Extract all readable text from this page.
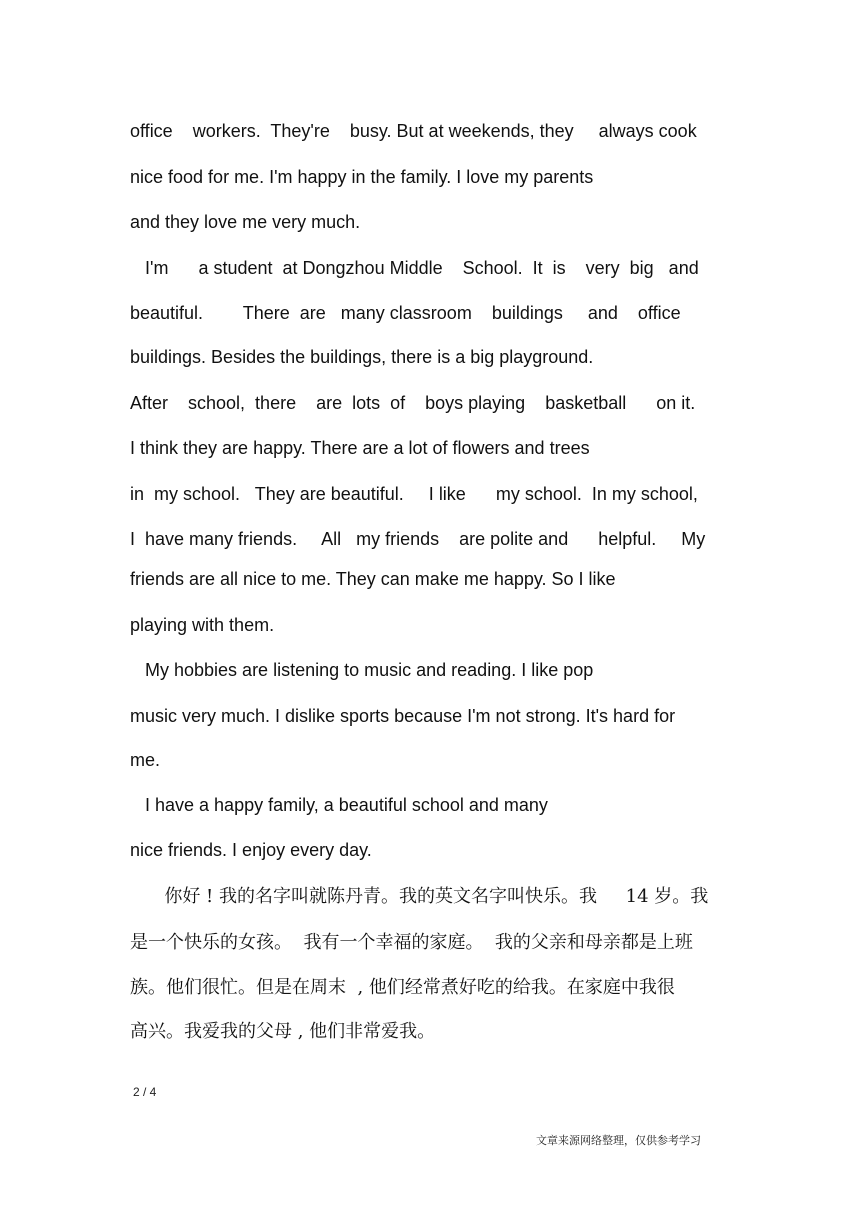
office    workers.  They're    busy. But at weekends, they     always cook
nice food for me. I'm happy in the family. I love my parents
and they love me very much.
I'm      a student  at Dongzhou Middle    School.  It  is    very  big   and
beautiful.        There  are   many classroom    buildings     and    office
buildings. Besides the buildings, there is a big playground.
After    school,  there    are  lots  of    boys playing    basketball      on it.
I think they are happy. There are a lot of flowers and trees
in  my school.   They are beautiful.     I like      my school.  In my school,
I  have many friends.     All   my friends    are polite and      helpful.     My
friends are all nice to me. They can make me happy. So I like
playing with them.
My hobbies are listening to music and reading. I like pop
music very much. I dislike sports because I'm not strong. It's hard for
me.
I have a happy family, a beautiful school and many
nice friends. I enjoy every day.
你好 ! 我的名字叫就陈丹青。我的英文名字叫快乐。我     14 岁。我
是一个快乐的女孩。  我有一个幸福的家庭。  我的父亲和母亲都是上班
族。他们很忙。但是在周末  , 他们经常煮好吃的给我。在家庭中我很
高兴。我爱我的父母 , 他们非常爱我。
2 / 4
文章来源网络整理，仅供参考学习
